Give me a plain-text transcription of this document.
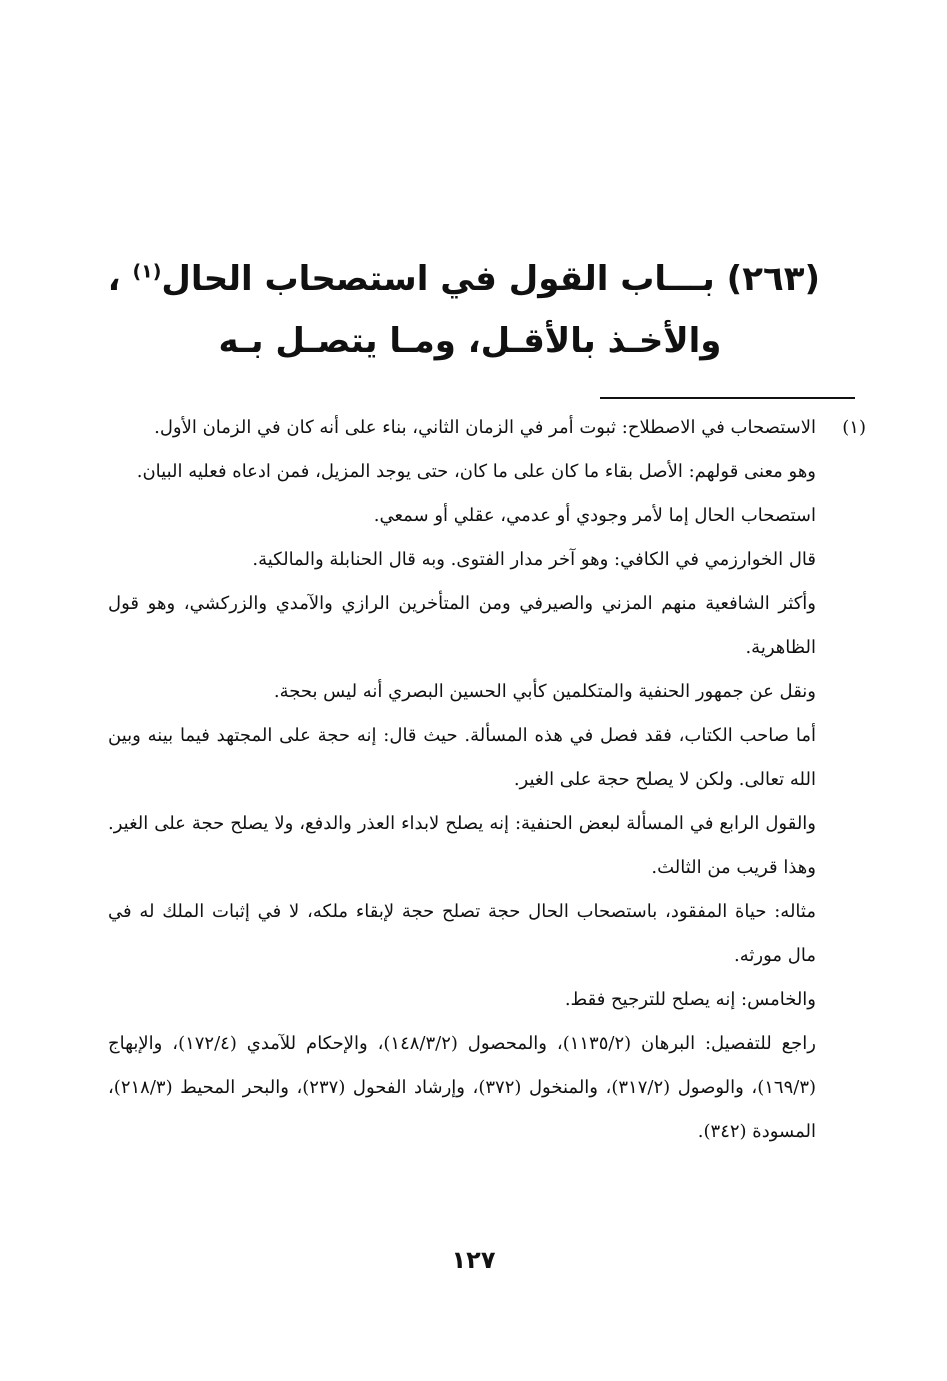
(٢٦٣) بـــاب القول في استصحاب الحال$^{(١)}$ ،
والأخـذ بالأقـل، ومـا يتصـل بـه
(١)
الاستصحاب في الاصطلاح: ثبوت أمر في الزمان الثاني، بناء على أنه كان في الزمان الأول.
وهو معنى قولهم: الأصل بقاء ما كان على ما كان، حتى يوجد المزيل، فمن ادعاه فعليه البيان.
استصحاب الحال إما لأمر وجودي أو عدمي، عقلي أو سمعي.
قال الخوارزمي في الكافي: وهو آخر مدار الفتوى. وبه قال الحنابلة والمالكية.
وأكثر الشافعية منهم المزني والصيرفي ومن المتأخرين الرازي والآمدي والزركشي، وهو قول الظاهرية.
ونقل عن جمهور الحنفية والمتكلمين كأبي الحسين البصري أنه ليس بحجة.
أما صاحب الكتاب، فقد فصل في هذه المسألة. حيث قال: إنه حجة على المجتهد فيما بينه وبين الله تعالى. ولكن لا يصلح حجة على الغير.
والقول الرابع في المسألة لبعض الحنفية: إنه يصلح لابداء العذر والدفع، ولا يصلح حجة على الغير. وهذا قريب من الثالث.
مثاله: حياة المفقود، باستصحاب الحال حجة تصلح حجة لإبقاء ملكه، لا في إثبات الملك له في مال مورثه.
والخامس: إنه يصلح للترجيح فقط.
راجع للتفصيل: البرهان (١١٣٥/٢)، والمحصول (١٤٨/٣/٢)، والإحكام للآمدي (١٧٢/٤)، والإبهاج (١٦٩/٣)، والوصول (٣١٧/٢)، والمنخول (٣٧٢)، وإرشاد الفحول (٢٣٧)، والبحر المحيط (٢١٨/٣)، المسودة (٣٤٢).
١٢٧
